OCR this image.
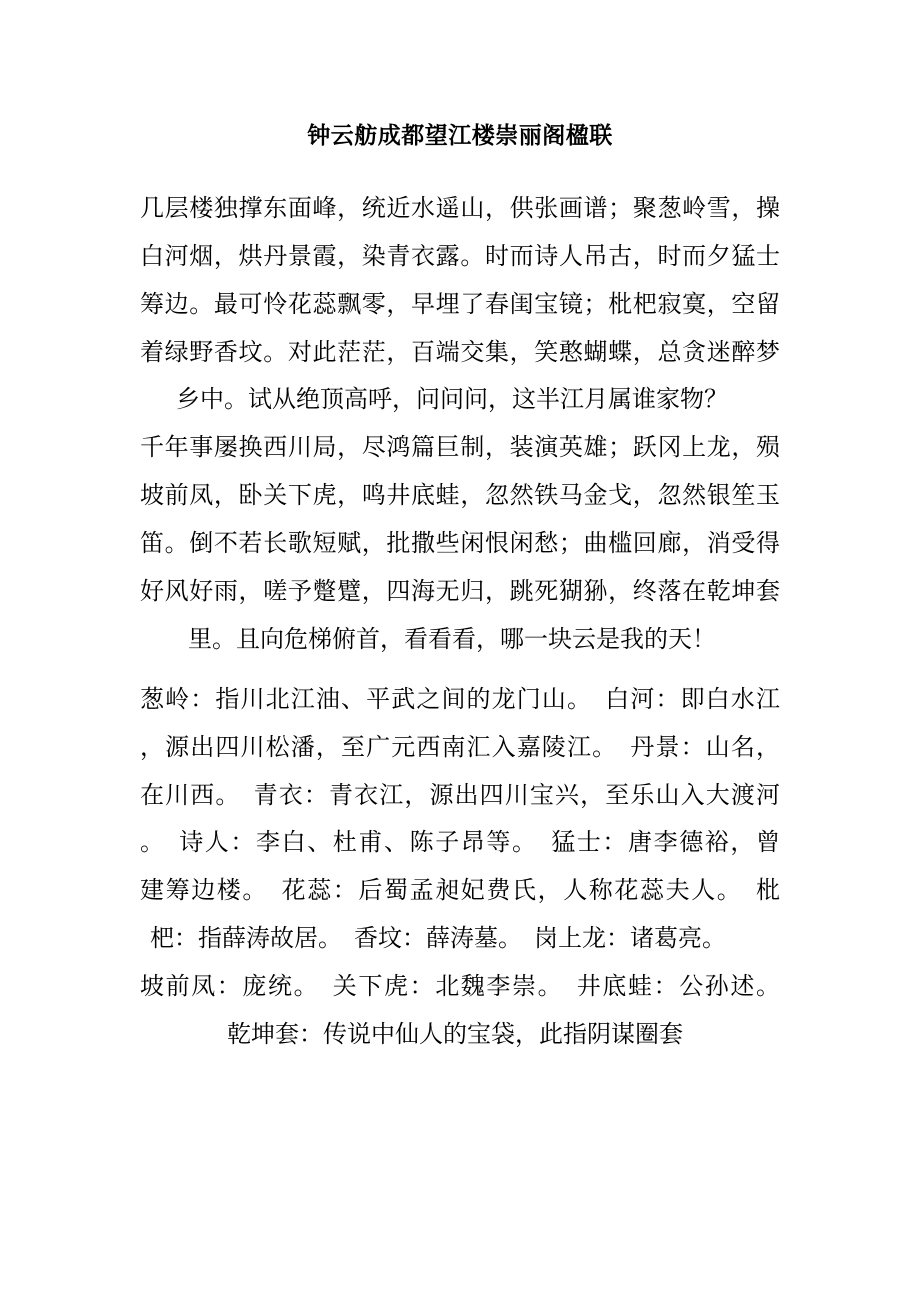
钟云舫成都望江楼崇丽阁楹联
几层楼独撑东面峰，统近水遥山，供张画谱；聚葱岭雪，操
白河烟，烘丹景霞，染青衣露。时而诗人吊古，时而夕猛士
筹边。最可怜花蕊飘零，早埋了春闺宝镜；枇杷寂寞，空留
着绿野香坟。对此茫茫，百端交集，笑憨蝴蝶，总贪迷醉梦
乡中。试从绝顶高呼，问问问，这半江月属谁家物？
千年事屡换西川局，尽鸿篇巨制，装演英雄；跃冈上龙，殒
坡前凤，卧关下虎，鸣井底蛙，忽然铁马金戈，忽然银笙玉
笛。倒不若长歌短赋，批撒些闲恨闲愁；曲槛回廊，消受得
好风好雨，嗟予蹩躄，四海无归，跳死猢狲，终落在乾坤套
里。且向危梯俯首，看看看，哪一块云是我的天！
葱岭：指川北江油、平武之间的龙门山。　白河：即白水江
，源出四川松潘，至广元西南汇入嘉陵江。　丹景：山名，
在川西。　青衣：青衣江，源出四川宝兴，至乐山入大渡河
。　诗人：李白、杜甫、陈子昂等。　猛士：唐李德裕，曾
建筹边楼。　花蕊：后蜀孟昶妃费氏，人称花蕊夫人。　枇
杷：指薛涛故居。　香坟：薛涛墓。　岗上龙：诸葛亮。
坡前凤：庞统。　关下虎：北魏李崇。　井底蛙：公孙述。
乾坤套：传说中仙人的宝袋，此指阴谋圈套
